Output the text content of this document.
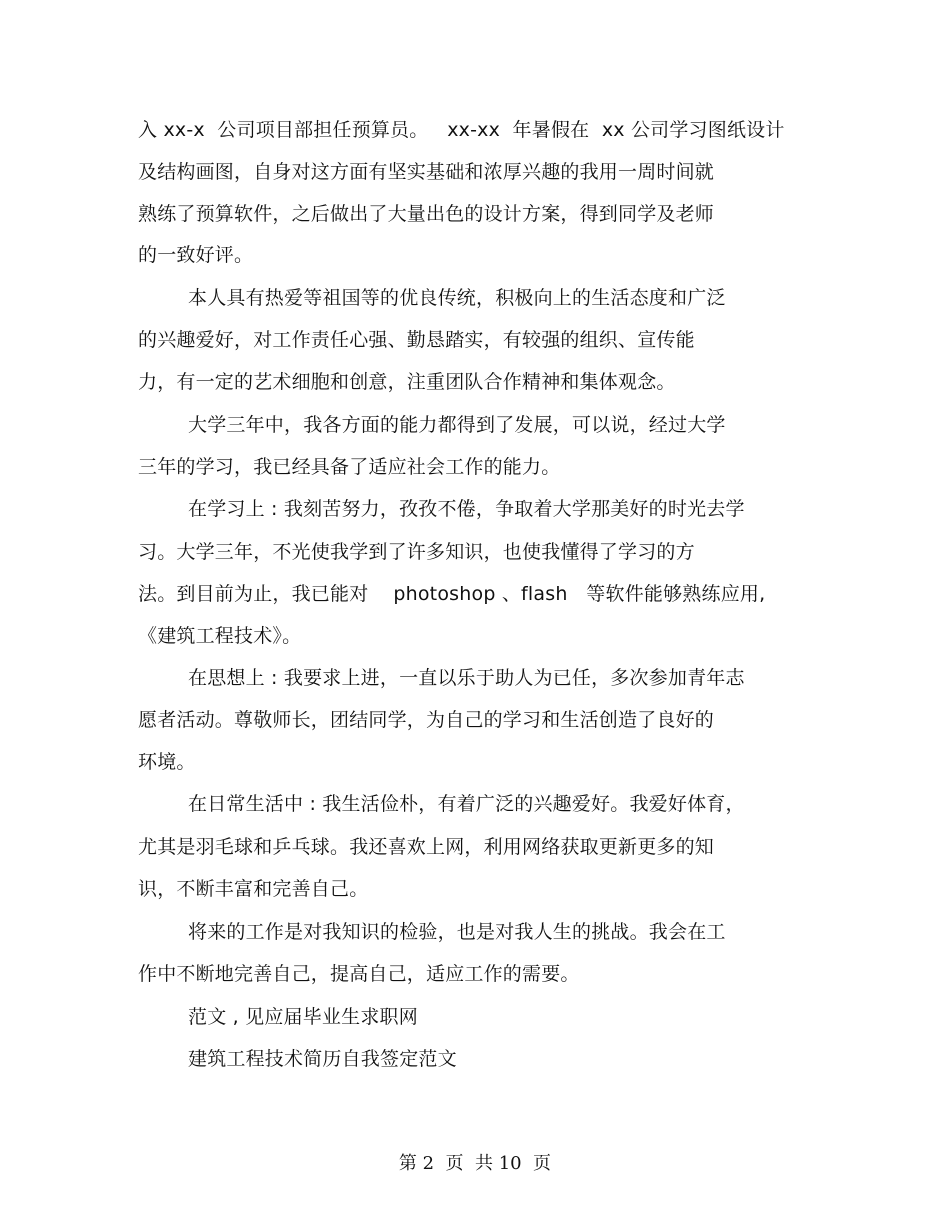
入 xx-x  公司项目部担任预算员。   xx-xx  年暑假在  xx 公司学习图纸设计
及结构画图，自身对这方面有坚实基础和浓厚兴趣的我用一周时间就
熟练了预算软件，之后做出了大量出色的设计方案，得到同学及老师
的一致好评。
本人具有热爱等祖国等的优良传统，积极向上的生活态度和广泛
的兴趣爱好，对工作责任心强、勤恳踏实，有较强的组织、宣传能
力，有一定的艺术细胞和创意，注重团队合作精神和集体观念。
大学三年中，我各方面的能力都得到了发展，可以说，经过大学
三年的学习，我已经具备了适应社会工作的能力。
在学习上 : 我刻苦努力，孜孜不倦，争取着大学那美好的时光去学
习。大学三年，不光使我学到了许多知识，也使我懂得了学习的方
法。到目前为止，我已能对    photoshop 、flash   等软件能够熟练应用,
《建筑工程技术》。
在思想上 : 我要求上进，一直以乐于助人为已任，多次参加青年志
愿者活动。尊敬师长，团结同学，为自己的学习和生活创造了良好的
环境。
在日常生活中 : 我生活俭朴，有着广泛的兴趣爱好。我爱好体育，
尤其是羽毛球和乒乓球。我还喜欢上网，利用网络获取更新更多的知
识，不断丰富和完善自己。
将来的工作是对我知识的检验，也是对我人生的挑战。我会在工
作中不断地完善自己，提高自己，适应工作的需要。
范文 , 见应届毕业生求职网
建筑工程技术简历自我签定范文
第 2  页  共 10  页
